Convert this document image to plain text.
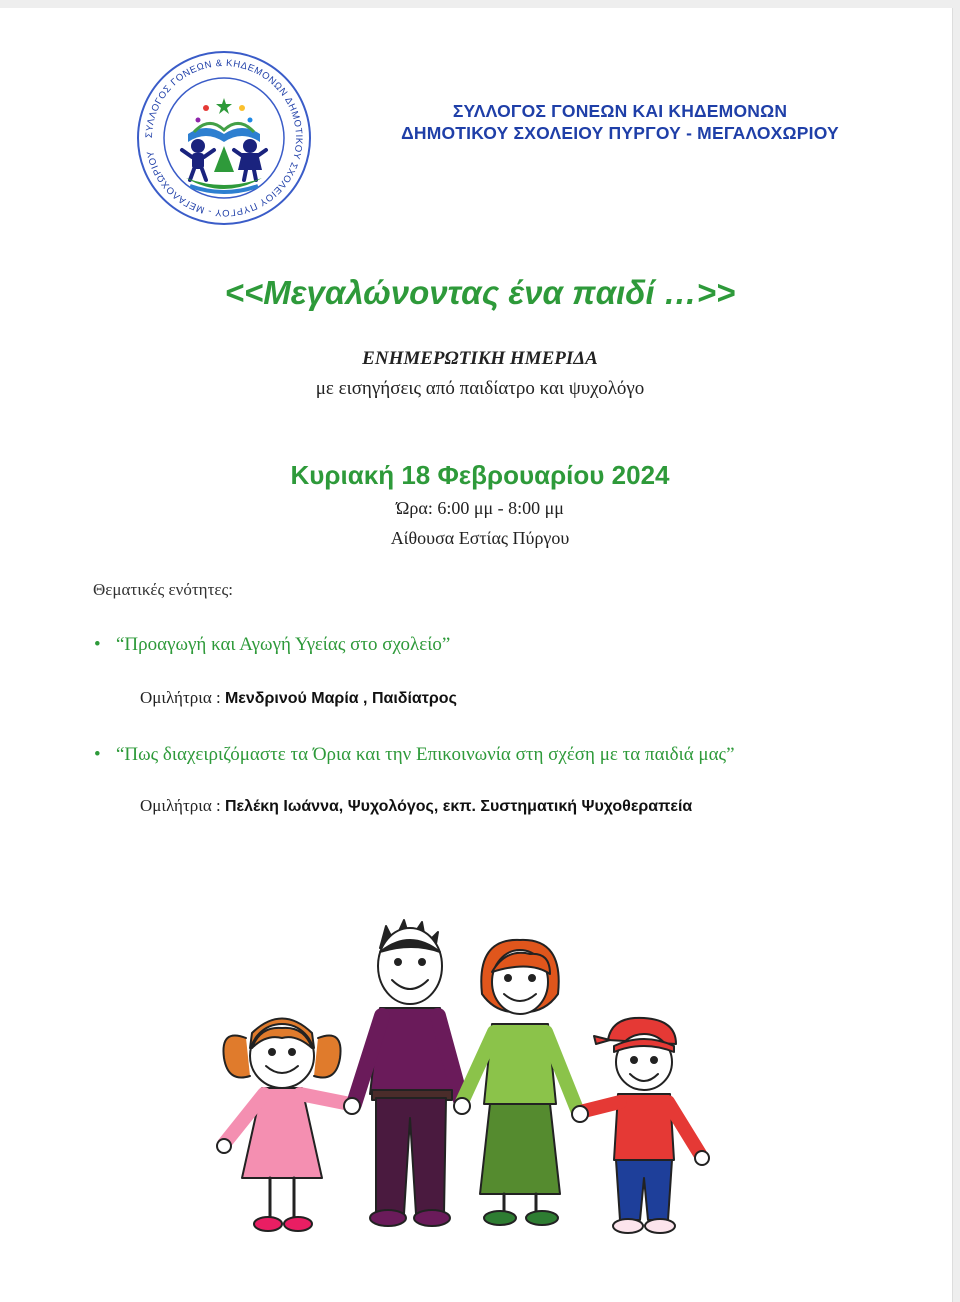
ΣΥΛΛΟΓΟΣ ΓΟΝΕΩΝ & ΚΗΔΕΜΟΝΩΝ ΔΗΜΟΤΙΚΟΥ ΣΧΟΛΕΙΟΥ ΠΥΡΓΟΥ - ΜΕΓΑΛΟΧΩΡΙΟΥ
ΣΥΛΛΟΓΟΣ ΓΟΝΕΩΝ ΚΑΙ ΚΗΔΕΜΟΝΩΝ
ΔΗΜΟΤΙΚΟΥ ΣΧΟΛΕΙΟΥ ΠΥΡΓΟΥ - ΜΕΓΑΛΟΧΩΡΙΟΥ
<<Μεγαλώνοντας ένα παιδί …>>
ΕΝΗΜΕΡΩΤΙΚΗ ΗΜΕΡΙΔΑ
με εισηγήσεις από παιδίατρο και ψυχολόγο
Κυριακή 18 Φεβρουαρίου 2024
Ώρα: 6:00 μμ - 8:00 μμ
Αίθουσα Εστίας Πύργου
Θεματικές ενότητες:
• “Προαγωγή και Αγωγή Υγείας στο σχολείο”
Ομιλήτρια : Μενδρινού Μαρία , Παιδίατρος
• “Πως διαχειριζόμαστε τα Όρια και την Επικοινωνία στη σχέση με τα παιδιά μας”
Ομιλήτρια : Πελέκη Ιωάννα, Ψυχολόγος, εκπ. Συστηματική Ψυχοθεραπεία
